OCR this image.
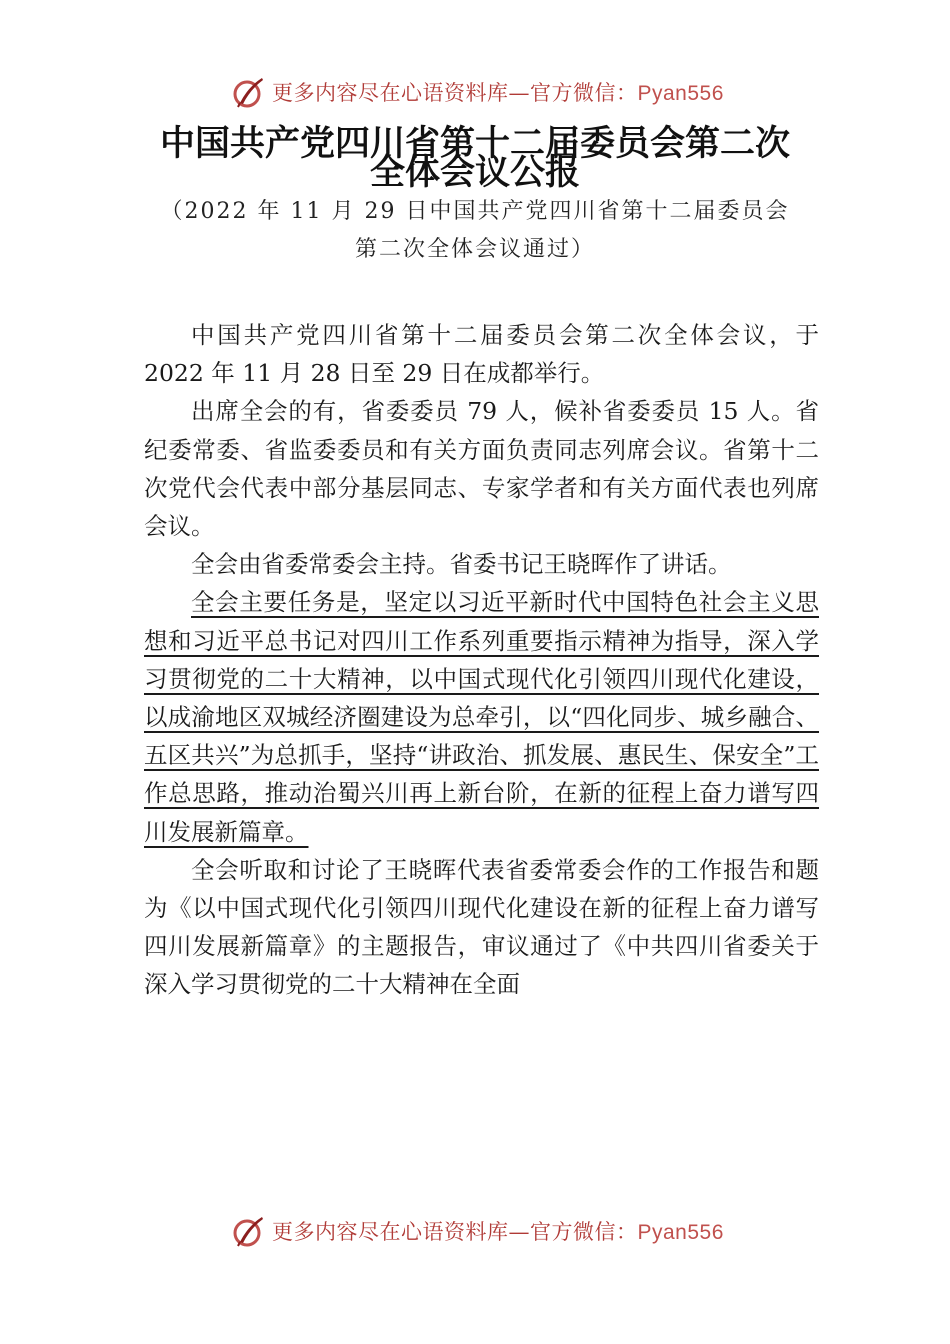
更多内容尽在心语资料库—官方微信：Pyan556
中国共产党四川省第十二届委员会第二次
全体会议公报
（2022 年 11 月 29 日中国共产党四川省第十二届委员会
第二次全体会议通过）

中国共产党四川省第十二届委员会第二次全体会议，于 2022 年 11 月 28 日至 29 日在成都举行。

出席全会的有，省委委员 79 人，候补省委委员 15 人。省纪委常委、省监委委员和有关方面负责同志列席会议。省第十二次党代会代表中部分基层同志、专家学者和有关方面代表也列席会议。

全会由省委常委会主持。省委书记王晓晖作了讲话。

全会主要任务是，坚定以习近平新时代中国特色社会主义思想和习近平总书记对四川工作系列重要指示精神为指导，深入学习贯彻党的二十大精神，以中国式现代化引领四川现代化建设，以成渝地区双城经济圈建设为总牵引，以“四化同步、城乡融合、五区共兴”为总抓手，坚持“讲政治、抓发展、惠民生、保安全”工作总思路，推动治蜀兴川再上新台阶，在新的征程上奋力谱写四川发展新篇章。

全会听取和讨论了王晓晖代表省委常委会作的工作报告和题为《以中国式现代化引领四川现代化建设在新的征程上奋力谱写四川发展新篇章》的主题报告，审议通过了《中共四川省委关于深入学习贯彻党的二十大精神在全面

更多内容尽在心语资料库—官方微信：Pyan556
